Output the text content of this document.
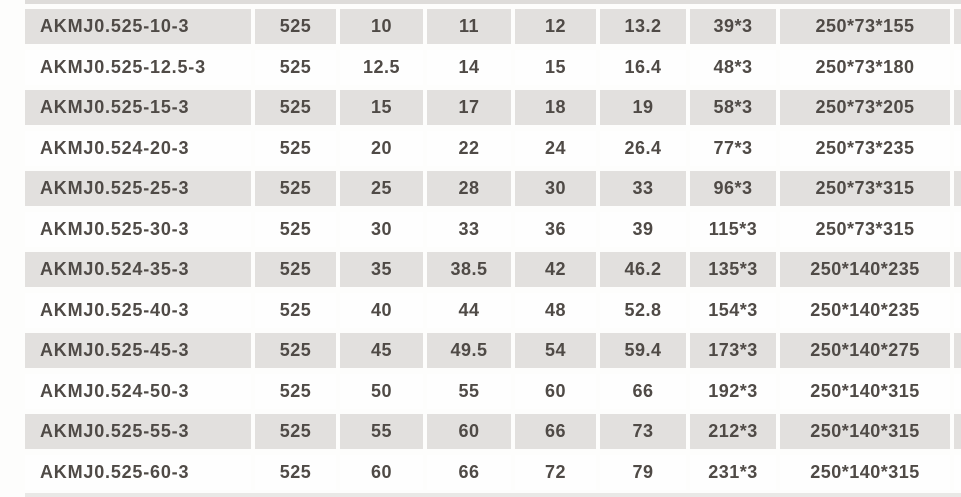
AKMJ0.525-10-3	525	10	11	12	13.2	39*3	250*73*155
AKMJ0.525-12.5-3	525	12.5	14	15	16.4	48*3	250*73*180
AKMJ0.525-15-3	525	15	17	18	19	58*3	250*73*205
AKMJ0.524-20-3	525	20	22	24	26.4	77*3	250*73*235
AKMJ0.525-25-3	525	25	28	30	33	96*3	250*73*315
AKMJ0.525-30-3	525	30	33	36	39	115*3	250*73*315
AKMJ0.524-35-3	525	35	38.5	42	46.2	135*3	250*140*235
AKMJ0.525-40-3	525	40	44	48	52.8	154*3	250*140*235
AKMJ0.525-45-3	525	45	49.5	54	59.4	173*3	250*140*275
AKMJ0.524-50-3	525	50	55	60	66	192*3	250*140*315
AKMJ0.525-55-3	525	55	60	66	73	212*3	250*140*315
AKMJ0.525-60-3	525	60	66	72	79	231*3	250*140*315
